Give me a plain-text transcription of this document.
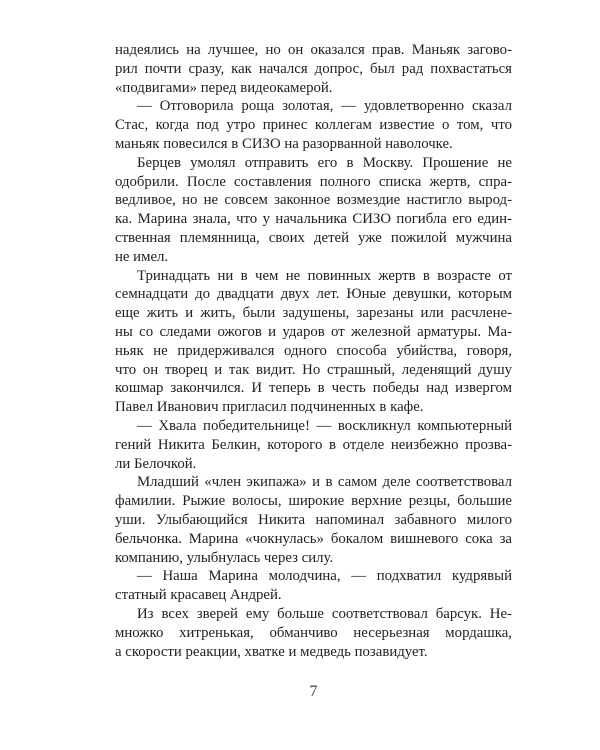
надеялись на лучшее, но он оказался прав. Маньяк загово-
рил почти сразу, как начался допрос, был рад похвастаться
«подвигами» перед видеокамерой.
— Отговорила роща золотая, — удовлетворенно сказал
Стас, когда под утро принес коллегам известие о том, что
маньяк повесился в СИЗО на разорванной наволочке.
Берцев умолял отправить его в Москву. Прошение не
одобрили. После составления полного списка жертв, спра-
ведливое, но не совсем законное возмездие настигло вырод-
ка. Марина знала, что у начальника СИЗО погибла его един-
ственная племянница, своих детей уже пожилой мужчина
не имел.
Тринадцать ни в чем не повинных жертв в возрасте от
семнадцати до двадцати двух лет. Юные девушки, которым
еще жить и жить, были задушены, зарезаны или расчлене-
ны со следами ожогов и ударов от железной арматуры. Ма-
ньяк не придерживался одного способа убийства, говоря,
что он творец и так видит. Но страшный, леденящий душу
кошмар закончился. И теперь в честь победы над извергом
Павел Иванович пригласил подчиненных в кафе.
— Хвала победительнице! — воскликнул компьютерный
гений Никита Белкин, которого в отделе неизбежно прозва-
ли Белочкой.
Младший «член экипажа» и в самом деле соответствовал
фамилии. Рыжие волосы, широкие верхние резцы, большие
уши. Улыбающийся Никита напоминал забавного милого
бельчонка. Марина «чокнулась» бокалом вишневого сока за
компанию, улыбнулась через силу.
— Наша Марина молодчина, — подхватил кудрявый
статный красавец Андрей.
Из всех зверей ему больше соответствовал барсук. Не-
множко хитренькая, обманчиво несерьезная мордашка,
а скорости реакции, хватке и медведь позавидует.
7
